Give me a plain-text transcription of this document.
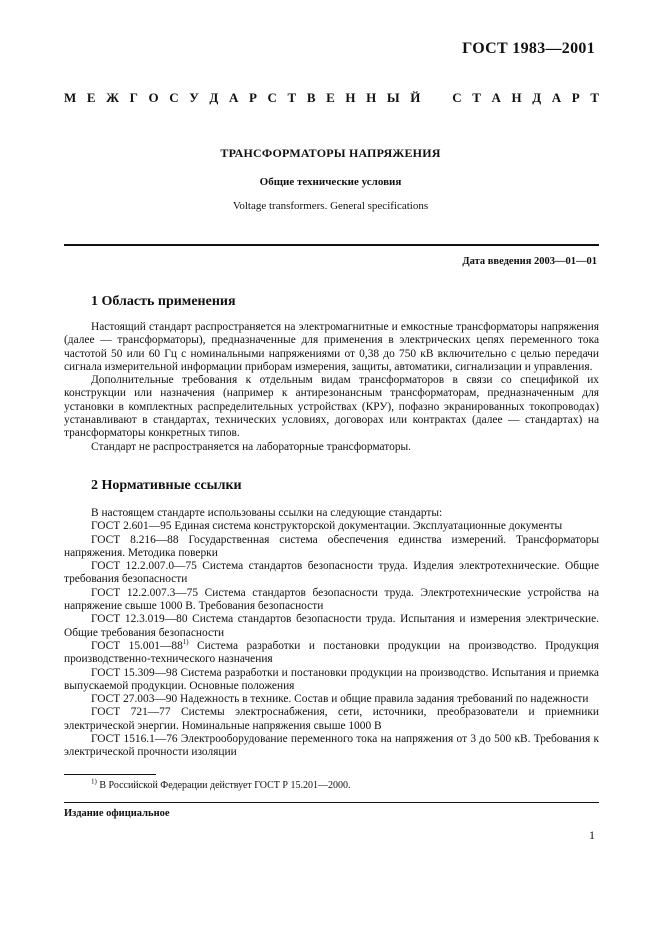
ГОСТ 1983—2001
М Е Ж Г О С У Д А Р С Т В Е Н Н Ы Й С Т А Н Д А Р Т
ТРАНСФОРМАТОРЫ НАПРЯЖЕНИЯ
Общие технические условия
Voltage transformers. General specifications
Дата введения 2003—01—01
1 Область применения

Настоящий стандарт распространяется на электромагнитные и емкостные трансформаторы напряжения (далее — трансформаторы), предназначенные для применения в электрических цепях переменного тока частотой 50 или 60 Гц с номинальными напряжениями от 0,38 до 750 кВ включительно с целью передачи сигнала измерительной информации приборам измерения, защиты, автоматики, сигнализации и управления.

Дополнительные требования к отдельным видам трансформаторов в связи со спецификой их конструкции или назначения (например к антирезонансным трансформаторам, предназначенным для установки в комплектных распределительных устройствах (КРУ), пофазно экранированных токопроводах) устанавливают в стандартах, технических условиях, договорах или контрактах (далее — стандартах) на трансформаторы конкретных типов.

Стандарт не распространяется на лабораторные трансформаторы.

2 Нормативные ссылки

В настоящем стандарте использованы ссылки на следующие стандарты:

ГОСТ 2.601—95 Единая система конструкторской документации. Эксплуатационные документы

ГОСТ 8.216—88 Государственная система обеспечения единства измерений. Трансформаторы напряжения. Методика поверки

ГОСТ 12.2.007.0—75 Система стандартов безопасности труда. Изделия электротехнические. Общие требования безопасности

ГОСТ 12.2.007.3—75 Система стандартов безопасности труда. Электротехнические устройства на напряжение свыше 1000 В. Требования безопасности

ГОСТ 12.3.019—80 Система стандартов безопасности труда. Испытания и измерения электрические. Общие требования безопасности

ГОСТ 15.001—88$^{1)}$ Система разработки и постановки продукции на производство. Продукция производственно-технического назначения

ГОСТ 15.309—98 Система разработки и постановки продукции на производство. Испытания и приемка выпускаемой продукции. Основные положения

ГОСТ 27.003—90 Надежность в технике. Состав и общие правила задания требований по надежности

ГОСТ 721—77 Системы электроснабжения, сети, источники, преобразователи и приемники электрической энергии. Номинальные напряжения свыше 1000 В

ГОСТ 1516.1—76 Электрооборудование переменного тока на напряжения от 3 до 500 кВ. Требования к электрической прочности изоляции

$^{1)}$ В Российской Федерации действует ГОСТ Р 15.201—2000.
Издание официальное
1
